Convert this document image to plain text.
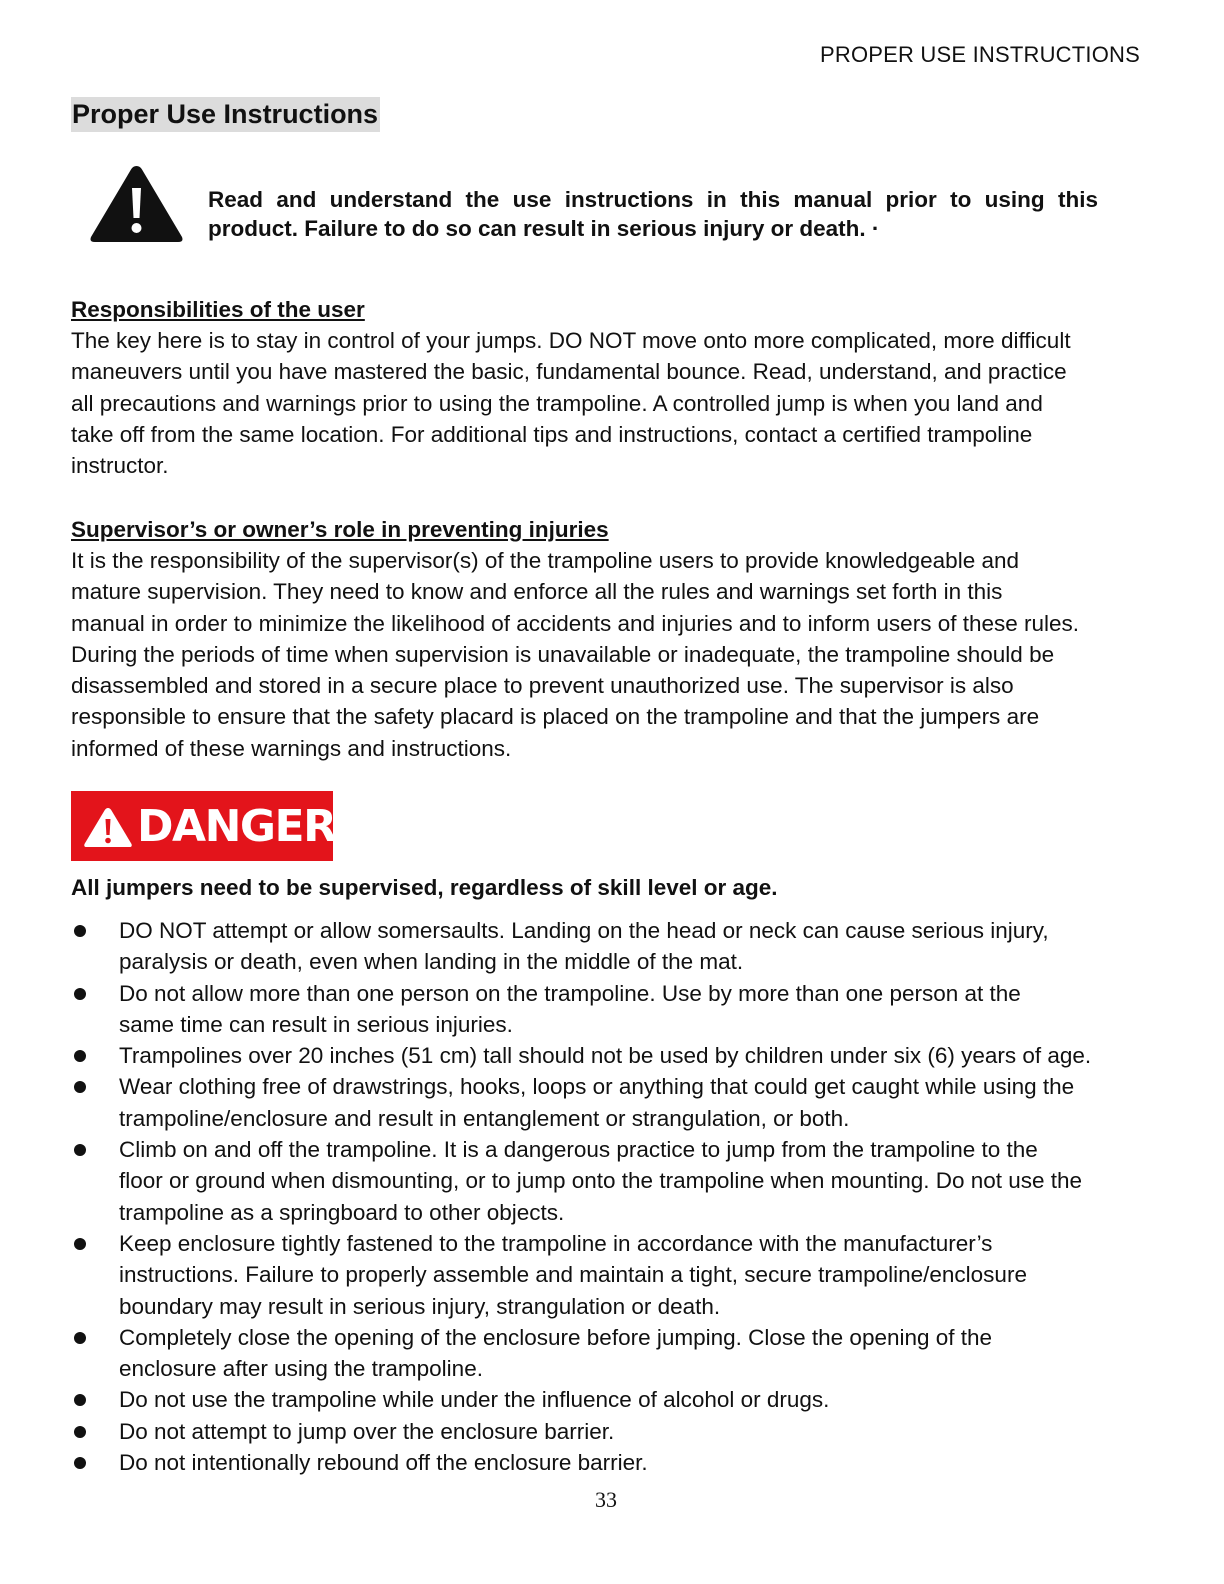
PROPER USE INSTRUCTIONS
Proper Use Instructions
Read and understand the use instructions in this manual prior to using this
product. Failure to do so can result in serious injury or death. ·
Responsibilities of the user
The key here is to stay in control of your jumps. DO NOT move onto more complicated, more difficult
maneuvers until you have mastered the basic, fundamental bounce. Read, understand, and practice
all precautions and warnings prior to using the trampoline. A controlled jump is when you land and
take off from the same location. For additional tips and instructions, contact a certified trampoline
instructor.
Supervisor’s or owner’s role in preventing injuries
It is the responsibility of the supervisor(s) of the trampoline users to provide knowledgeable and
mature supervision. They need to know and enforce all the rules and warnings set forth in this
manual in order to minimize the likelihood of accidents and injuries and to inform users of these rules.
During the periods of time when supervision is unavailable or inadequate, the trampoline should be
disassembled and stored in a secure place to prevent unauthorized use. The supervisor is also
responsible to ensure that the safety placard is placed on the trampoline and that the jumpers are
informed of these warnings and instructions.
DANGER
All jumpers need to be supervised, regardless of skill level or age.
DO NOT attempt or allow somersaults. Landing on the head or neck can cause serious injury,
paralysis or death, even when landing in the middle of the mat.
Do not allow more than one person on the trampoline. Use by more than one person at the
same time can result in serious injuries.
Trampolines over 20 inches (51 cm) tall should not be used by children under six (6) years of age.
Wear clothing free of drawstrings, hooks, loops or anything that could get caught while using the
trampoline/enclosure and result in entanglement or strangulation, or both.
Climb on and off the trampoline. It is a dangerous practice to jump from the trampoline to the
floor or ground when dismounting, or to jump onto the trampoline when mounting. Do not use the
trampoline as a springboard to other objects.
Keep enclosure tightly fastened to the trampoline in accordance with the manufacturer’s
instructions. Failure to properly assemble and maintain a tight, secure trampoline/enclosure
boundary may result in serious injury, strangulation or death.
Completely close the opening of the enclosure before jumping. Close the opening of the
enclosure after using the trampoline.
Do not use the trampoline while under the influence of alcohol or drugs.
Do not attempt to jump over the enclosure barrier.
Do not intentionally rebound off the enclosure barrier.
33
